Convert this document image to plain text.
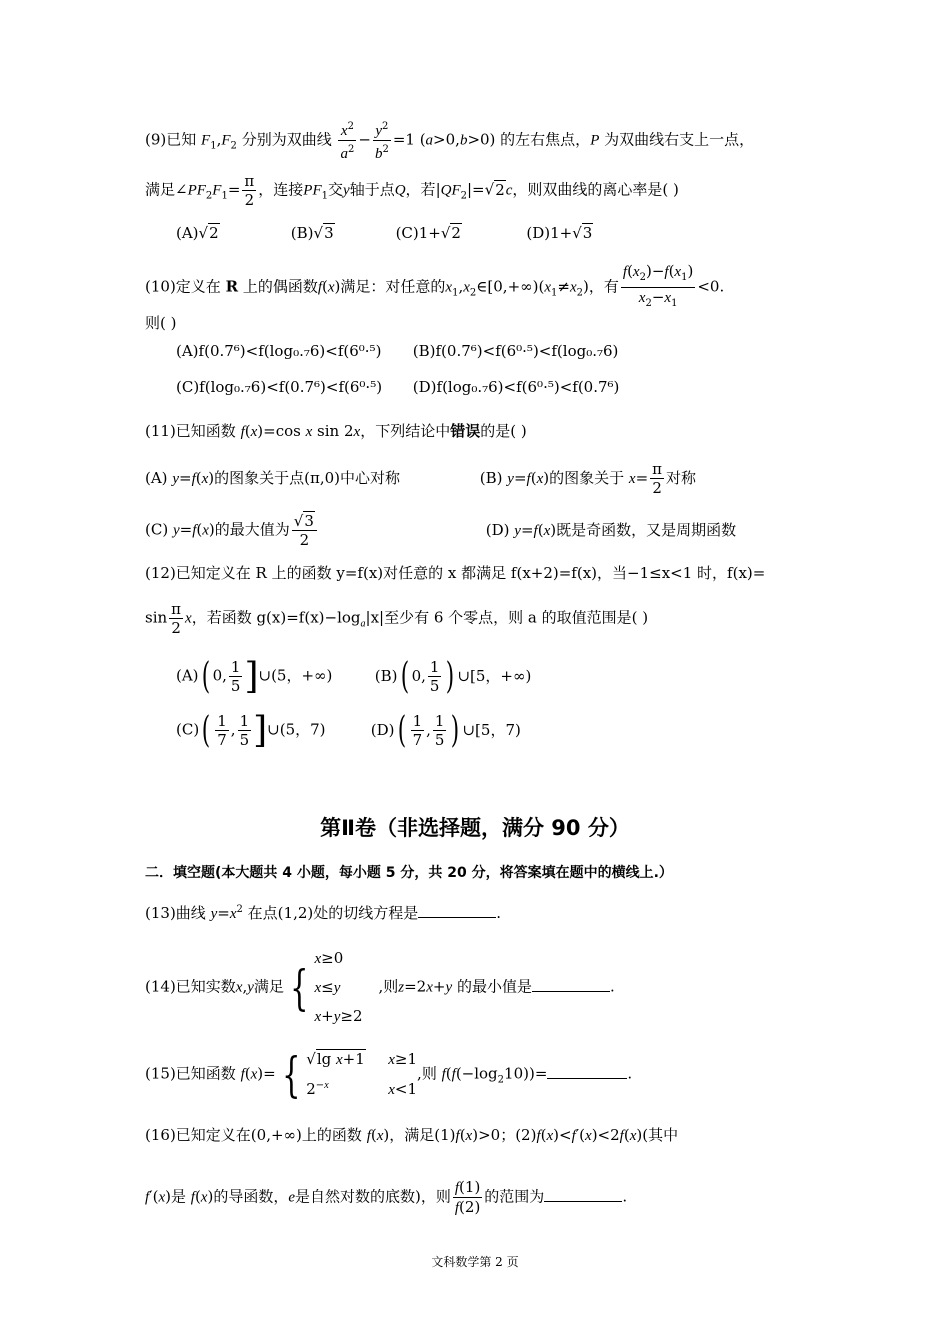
(9)已知 $F_1,F_2$ 分别为双曲线 $\frac{x^2}{a^2} - \frac{y^2}{b^2} =1$ (a>0,b>0) 的左右焦点，P 为双曲线右支上一点，
满足$\angle PF_2F_1= \frac{\pi}{2}$ ，连接$PF_1$交y轴于点Q，若$|QF_2|=√2c$，则双曲线的离心率是( )
(A)√2	(B)√3	(C)1+√2	(D)1+√3
(10)定义在 R 上的偶函数f(x)满足：对任意的$x_1,x_2\in[0,+\infty)(x_1\ne x_2)$，有 $\frac{f(x_2)-f(x_1)}{x_2-x_1} <0$.
则( )
(A)f(0.7⁶)<f(log₀.₇6)<f(6⁰·⁵) (B)f(0.7⁶)<f(6⁰·⁵)<f(log₀.₇6)
(C)f(log₀.₇6)<f(0.7⁶)<f(6⁰·⁵) (D)f(log₀.₇6)<f(6⁰·⁵)<f(0.7⁶)
(11)已知函数 f(x)=cos x sin 2x，下列结论中错误的是( )
(A) y=f(x)的图象关于点(π,0)中心对称	(B) y=f(x)的图象关于 $x= \frac{\pi}{2}$ 对称
(C) y=f(x)的最大值为 $\frac{√3}{2}$	(D) y=f(x)既是奇函数，又是周期函数
(12)已知定义在 R 上的函数 y=f(x)对任意的 x 都满足 f(x+2)=f(x)，当−1≤x<1 时，f(x)=
$\sin \frac{\pi}{2}$ x，若函数 $g(x)=f(x)-\log_a|x|$至少有 6 个零点，则 a 的取值范围是( )
(A)( 0, $\frac{1}{5}$ ]∪(5，+∞)	(B)( 0, $\frac{1}{5}$ ) ∪[5，+∞)
$(C)( \frac{1}{7}$ , $\frac{1}{5}$ ]∪(5，7)	$(D)( \frac{1}{7}$ , $\frac{1}{5}$ ) ∪[5，7)
第Ⅱ卷（非选择题，满分 90 分）
二．填空题(本大题共 4 小题，每小题 5 分，共 20 分，将答案填在题中的横线上.）
(13)曲线 $y=x^2$ 在点(1,2)处的切线方程是	.
(14)已知实数x,y满足 {x≥0
x≤y
x+y≥2,则z=2x+y 的最小值是	.
(15)已知函数 f(x)= { √lg x+1 x≥1
$2^{-x}$	x<1,则 $f(f(-\log_210))=$	.
(16)已知定义在(0,+∞)上的函数 f(x)，满足(1)f(x)>0；(2)f(x)<f′(x)<2f(x)(其中
f′(x)是 f(x)的导函数，e是自然对数的底数)，则 $\frac{f(1)}{f(2)}$ 的范围为	.
文科数学第 2 页
